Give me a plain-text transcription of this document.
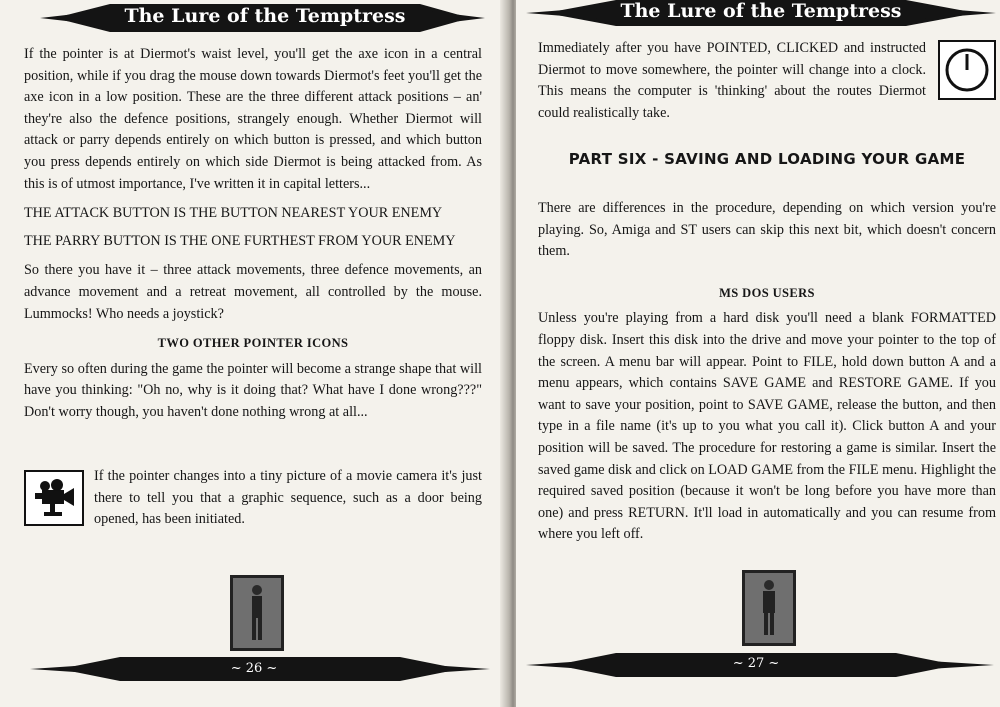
The Lure of the Temptress

If the pointer is at Diermot's waist level, you'll get the axe icon in a central position, while if you drag the mouse down towards Diermot's feet you'll get the axe icon in a low position. These are the three different attack positions – an' they're also the defence positions, strangely enough. Whether Diermot will attack or parry depends entirely on which button is pressed, and which button you press depends entirely on which side Diermot is being attacked from. As this is of utmost importance, I've written it in capital letters...

THE ATTACK BUTTON IS THE BUTTON NEAREST YOUR ENEMY

THE PARRY BUTTON IS THE ONE FURTHEST FROM YOUR ENEMY

So there you have it – three attack movements, three defence movements, an advance movement and a retreat movement, all controlled by the mouse. Lummocks! Who needs a joystick?

TWO OTHER POINTER ICONS

Every so often during the game the pointer will become a strange shape that will have you thinking: "Oh no, why is it doing that? What have I done wrong???" Don't worry though, you haven't done nothing wrong at all...

If the pointer changes into a tiny picture of a movie camera it's just there to tell you that a graphic sequence, such as a door being opened, has been initiated.

~ 26 ~
The Lure of the Temptress

Immediately after you have POINTED, CLICKED and instructed Diermot to move somewhere, the pointer will change into a clock. This means the computer is 'thinking' about the routes Diermot could realistically take.

PART SIX - SAVING AND LOADING YOUR GAME

There are differences in the procedure, depending on which version you're playing. So, Amiga and ST users can skip this next bit, which doesn't concern them.

MS DOS USERS

Unless you're playing from a hard disk you'll need a blank FORMATTED floppy disk. Insert this disk into the drive and move your pointer to the top of the screen. A menu bar will appear. Point to FILE, hold down button A and a menu appears, which contains SAVE GAME and RESTORE GAME. If you want to save your position, point to SAVE GAME, release the button, and then type in a file name (it's up to you what you call it). Click button A and your position will be saved. The procedure for restoring a game is similar. Insert the saved game disk and click on LOAD GAME from the FILE menu. Highlight the required saved position (because it won't be long before you have more than one) and press RETURN. It'll load in automatically and you can resume from where you left off.

~ 27 ~
